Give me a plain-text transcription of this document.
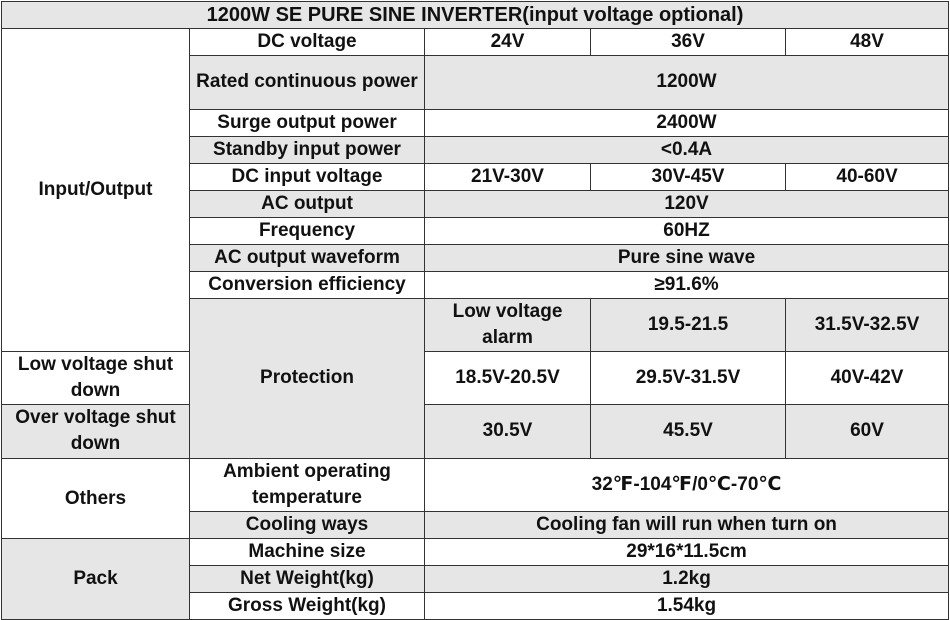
1200W SE PURE SINE INVERTER(input voltage optional)					
Input/Output	DC voltage	24V	36V	48V	
	Rated continuous power	1200W			
	Surge output power	2400W			
	Standby input power	<0.4A			
	DC input voltage	21V-30V	30V-45V	40-60V	
	AC output	120V			
	Frequency	60HZ			
	AC output waveform	Pure sine wave			
	Conversion efficiency	≥91.6%			
	Protection	Low voltage alarm	19.5-21.5	31.5V-32.5V	
Low voltage shut down		18.5V-20.5V	29.5V-31.5V	40V-42V	
Over voltage shut down		30.5V	45.5V	60V	
Others	Ambient operating temperature	32℉-104℉/0℃-70℃			
	Cooling ways	Cooling fan will run when turn on			
Pack	Machine size	29*16*11.5cm			
	Net Weight(kg)	1.2kg			
	Gross Weight(kg)	1.54kg			
